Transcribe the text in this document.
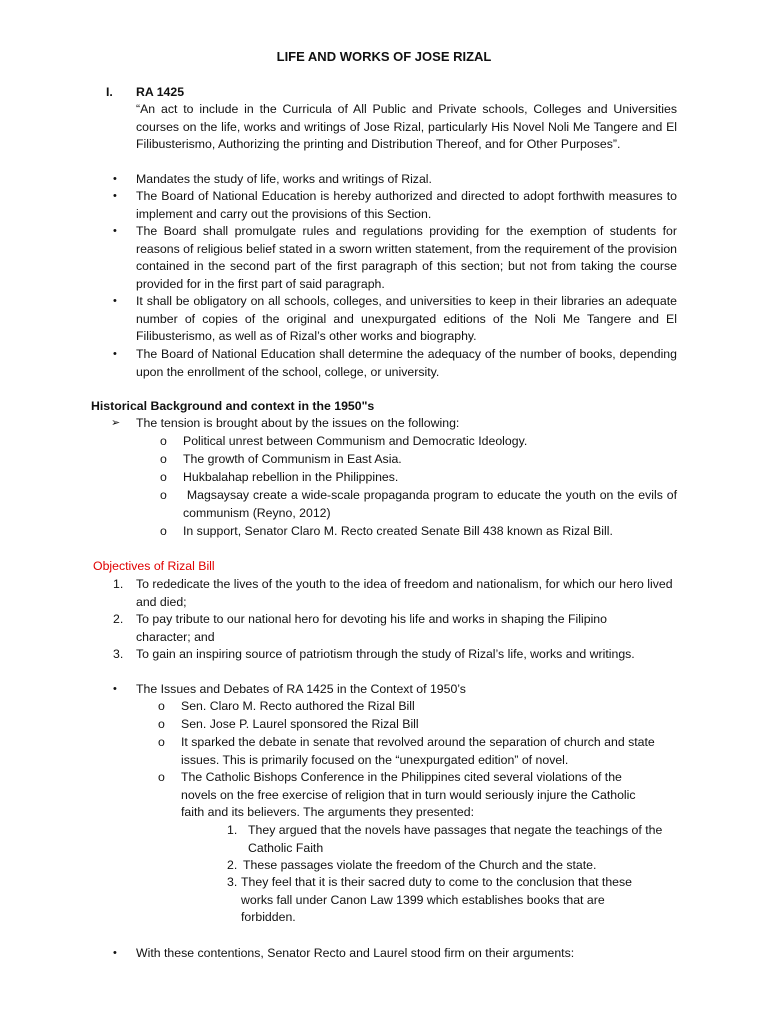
LIFE AND WORKS OF JOSE RIZAL
I. RA 1425
“An act to include in the Curricula of All Public and Private schools, Colleges and Universities courses on the life, works and writings of Jose Rizal, particularly His Novel Noli Me Tangere and El Filibusterismo, Authorizing the printing and Distribution Thereof, and for Other Purposes”.
• Mandates the study of life, works and writings of Rizal.
• The Board of National Education is hereby authorized and directed to adopt forthwith measures to implement and carry out the provisions of this Section.
• The Board shall promulgate rules and regulations providing for the exemption of students for reasons of religious belief stated in a sworn written statement, from the requirement of the provision contained in the second part of the first paragraph of this section; but not from taking the course provided for in the first part of said paragraph.
• It shall be obligatory on all schools, colleges, and universities to keep in their libraries an adequate number of copies of the original and unexpurgated editions of the Noli Me Tangere and El Filibusterismo, as well as of Rizal’s other works and biography.
• The Board of National Education shall determine the adequacy of the number of books, depending upon the enrollment of the school, college, or university.
Historical Background and context in the 1950"s
➢ The tension is brought about by the issues on the following:
o Political unrest between Communism and Democratic Ideology.
o The growth of Communism in East Asia.
o Hukbalahap rebellion in the Philippines.
o Magsaysay create a wide-scale propaganda program to educate the youth on the evils of communism (Reyno, 2012)
o In support, Senator Claro M. Recto created Senate Bill 438 known as Rizal Bill.
Objectives of Rizal Bill
1. To rededicate the lives of the youth to the idea of freedom and nationalism, for which our hero lived and died;
2. To pay tribute to our national hero for devoting his life and works in shaping the Filipino character; and
3. To gain an inspiring source of patriotism through the study of Rizal’s life, works and writings.
• The Issues and Debates of RA 1425 in the Context of 1950’s
o Sen. Claro M. Recto authored the Rizal Bill
o Sen. Jose P. Laurel sponsored the Rizal Bill
o It sparked the debate in senate that revolved around the separation of church and state issues. This is primarily focused on the “unexpurgated edition” of novel.
o The Catholic Bishops Conference in the Philippines cited several violations of the novels on the free exercise of religion that in turn would seriously injure the Catholic faith and its believers. The arguments they presented:
1. They argued that the novels have passages that negate the teachings of the Catholic Faith
2. These passages violate the freedom of the Church and the state.
3. They feel that it is their sacred duty to come to the conclusion that these works fall under Canon Law 1399 which establishes books that are forbidden.
• With these contentions, Senator Recto and Laurel stood firm on their arguments:
